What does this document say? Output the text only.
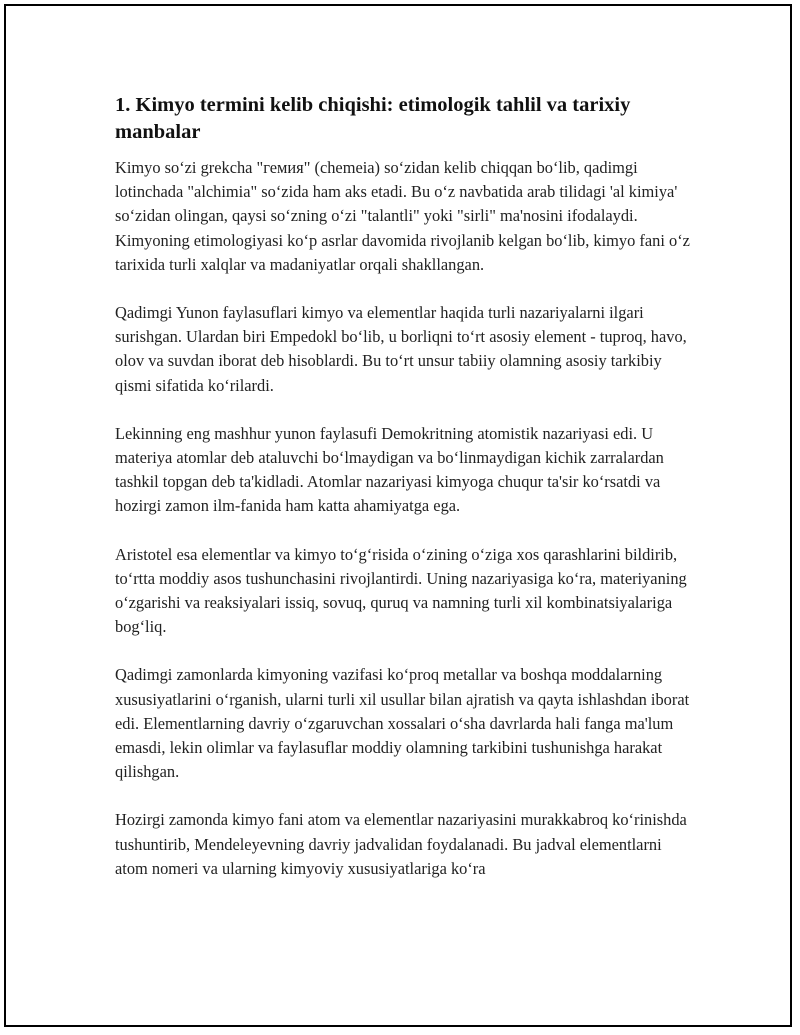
1. Kimyo termini kelib chiqishi: etimologik tahlil va tarixiy manbalar

Kimyo so‘zi grekcha "гемия" (chemeia) so‘zidan kelib chiqqan bo‘lib, qadimgi lotinchada "alchimia" so‘zida ham aks etadi. Bu o‘z navbatida arab tilidagi 'al kimiya' so‘zidan olingan, qaysi so‘zning o‘zi "talantli" yoki "sirli" ma'nosini ifodalaydi. Kimyoning etimologiyasi ko‘p asrlar davomida rivojlanib kelgan bo‘lib, kimyo fani o‘z tarixida turli xalqlar va madaniyatlar orqali shakllangan.

Qadimgi Yunon faylasuflari kimyo va elementlar haqida turli nazariyalarni ilgari surishgan. Ulardan biri Empedokl bo‘lib, u borliqni to‘rt asosiy element - tuproq, havo, olov va suvdan iborat deb hisoblardi. Bu to‘rt unsur tabiiy olamning asosiy tarkibiy qismi sifatida ko‘rilardi.

Lekinning eng mashhur yunon faylasufi Demokritning atomistik nazariyasi edi. U materiya atomlar deb ataluvchi bo‘lmaydigan va bo‘linmaydigan kichik zarralardan tashkil topgan deb ta'kidladi. Atomlar nazariyasi kimyoga chuqur ta'sir ko‘rsatdi va hozirgi zamon ilm-fanida ham katta ahamiyatga ega.

Aristotel esa elementlar va kimyo to‘g‘risida o‘zining o‘ziga xos qarashlarini bildirib, to‘rtta moddiy asos tushunchasini rivojlantirdi. Uning nazariyasiga ko‘ra, materiyaning o‘zgarishi va reaksiyalari issiq, sovuq, quruq va namning turli xil kombinatsiyalariga bog‘liq.

Qadimgi zamonlarda kimyoning vazifasi ko‘proq metallar va boshqa moddalarning xususiyatlarini o‘rganish, ularni turli xil usullar bilan ajratish va qayta ishlashdan iborat edi. Elementlarning davriy o‘zgaruvchan xossalari o‘sha davrlarda hali fanga ma'lum emasdi, lekin olimlar va faylasuflar moddiy olamning tarkibini tushunishga harakat qilishgan.

Hozirgi zamonda kimyo fani atom va elementlar nazariyasini murakkabroq ko‘rinishda tushuntirib, Mendeleyevning davriy jadvalidan foydalanadi. Bu jadval elementlarni atom nomeri va ularning kimyoviy xususiyatlariga ko‘ra
